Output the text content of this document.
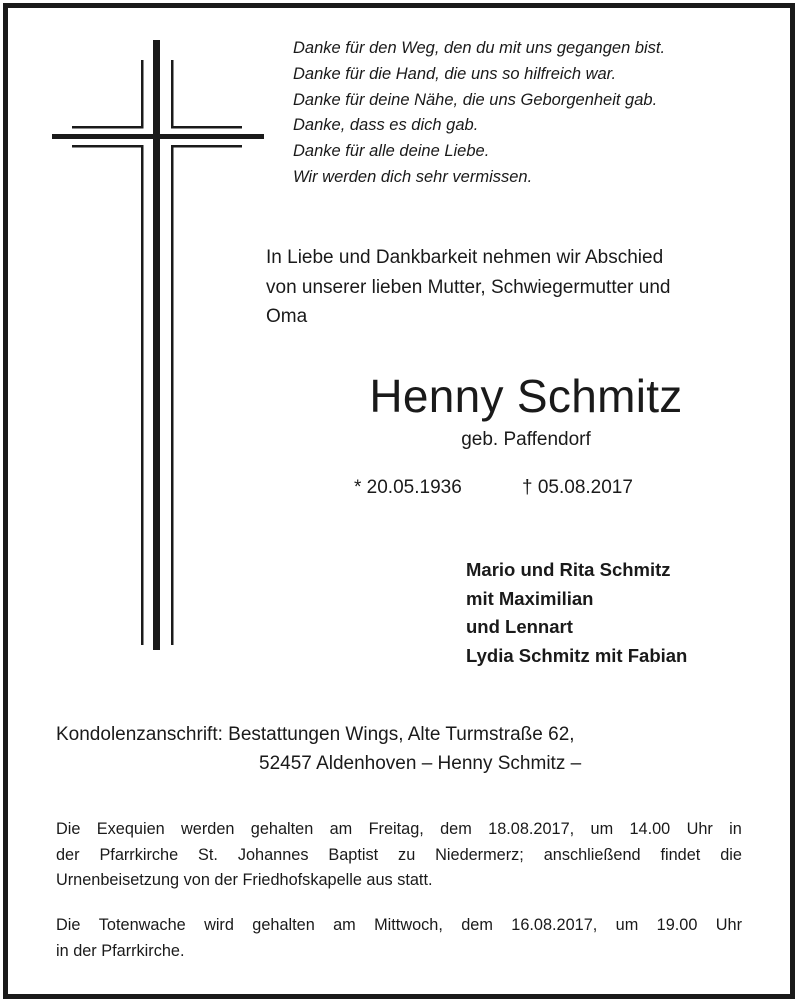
Danke für den Weg, den du mit uns gegangen bist.
Danke für die Hand, die uns so hilfreich war.
Danke für deine Nähe, die uns Geborgenheit gab.
Danke, dass es dich gab.
Danke für alle deine Liebe.
Wir werden dich sehr vermissen.
In Liebe und Dankbarkeit nehmen wir Abschied
von unserer lieben Mutter, Schwiegermutter und
Oma
Henny Schmitz
geb. Paffendorf
* 20.05.1936	† 05.08.2017
Mario und Rita Schmitz
mit Maximilian
und Lennart
Lydia Schmitz mit Fabian
Kondolenzanschrift: Bestattungen Wings, Alte Turmstraße 62,
52457 Aldenhoven – Henny Schmitz –
Die Exequien werden gehalten am Freitag, dem 18.08.2017, um 14.00 Uhr in
der Pfarrkirche St. Johannes Baptist zu Niedermerz; anschließend findet die
Urnenbeisetzung von der Friedhofskapelle aus statt.
Die Totenwache wird gehalten am Mittwoch, dem 16.08.2017, um 19.00 Uhr
in der Pfarrkirche.
